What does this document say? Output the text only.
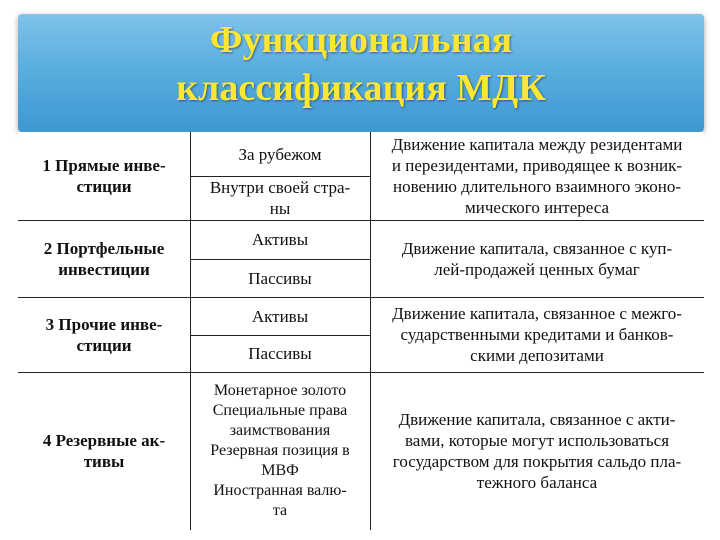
Функциональная
классификация МДК
1 Прямые инве-
стиции
За рубежом
Внутри своей стра-
ны
Движение капитала между резидентами
и перезидентами, приводящее к возник-
новению длительного взаимного эконо-
мического интереса
2 Портфельные
инвестиции
Активы
Пассивы
Движение капитала, связанное с куп-
лей-продажей ценных бумаг
3 Прочие инве-
стиции
Активы
Пассивы
Движение капитала, связанное с межго-
сударственными кредитами и банков-
скими депозитами
4 Резервные ак-
тивы
Монетарное золото
Специальные права
заимствования
Резервная позиция в
МВФ
Иностранная валю-
та
Движение капитала, связанное с акти-
вами, которые могут использоваться
государством для покрытия сальдо пла-
тежного баланса
